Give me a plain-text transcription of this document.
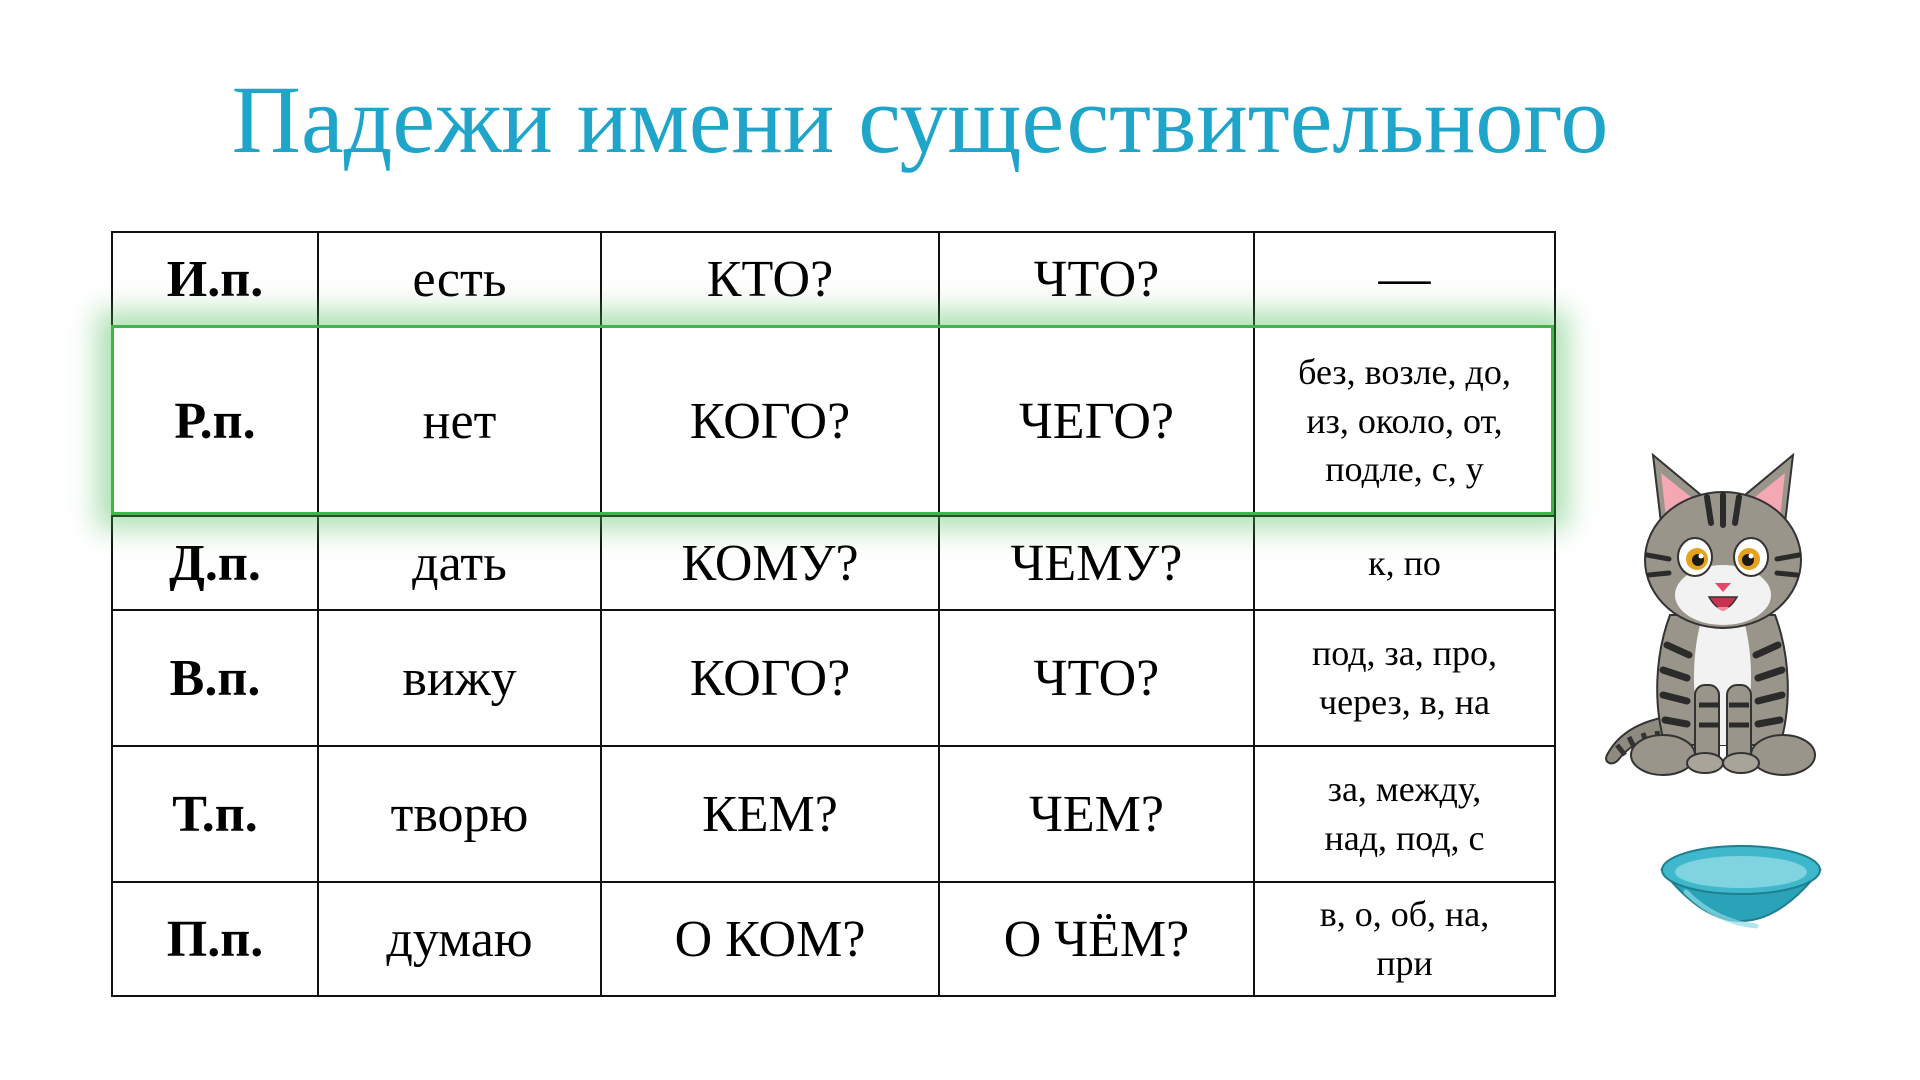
Падежи имени существительного
И.п.	есть	КТО?	ЧТО?	—
Р.п.	нет	КОГО?	ЧЕГО?	без, возле, до, из, около, от, подле, с, у
Д.п.	дать	КОМУ?	ЧЕМУ?	к, по
В.п.	вижу	КОГО?	ЧТО?	под, за, про, через, в, на
Т.п.	творю	КЕМ?	ЧЕМ?	за, между, над, под, с
П.п.	думаю	О КОМ?	О ЧЁМ?	в, о, об, на, при
